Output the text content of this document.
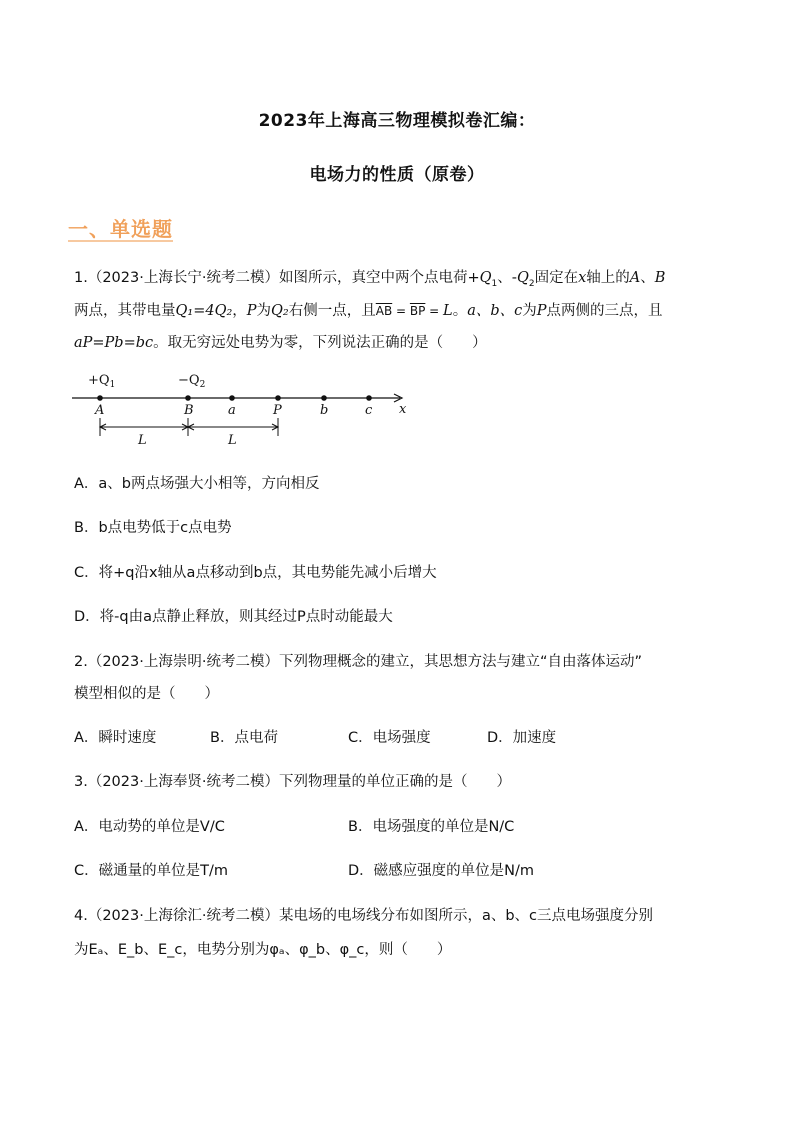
2023年上海高三物理模拟卷汇编：
电场力的性质（原卷）
一、单选题
1.（2023·上海长宁·统考二模）如图所示，真空中两个点电荷$+Q_1$、$-Q_2$固定在x轴上的A、B
两点，其带电量Q₁=4Q₂，P为Q₂右侧一点，且$\overline{AB} = \overline{BP} = L$。a、b、c为P点两侧的三点，且
aP=Pb=bc。取无穷远处电势为零，下列说法正确的是（　　）
x
$+Q_1$	$-Q_2$
A	B	a	P	b	c
L	L
A．a、b两点场强大小相等，方向相反
B．b点电势低于c点电势
C．将+q沿x轴从a点移动到b点，其电势能先减小后增大
D．将-q由a点静止释放，则其经过P点时动能最大
2.（2023·上海崇明·统考二模）下列物理概念的建立，其思想方法与建立“自由落体运动”
模型相似的是（　　）
A．瞬时速度	B．点电荷	C．电场强度	D．加速度
3.（2023·上海奉贤·统考二模）下列物理量的单位正确的是（　　）
A．电动势的单位是V/C	B．电场强度的单位是N/C
C．磁通量的单位是T/m	D．磁感应强度的单位是N/m
4.（2023·上海徐汇·统考二模）某电场的电场线分布如图所示，a、b、c三点电场强度分别
为Eₐ、E_b、E_c，电势分别为φₐ、φ_b、φ_c，则（　　）
